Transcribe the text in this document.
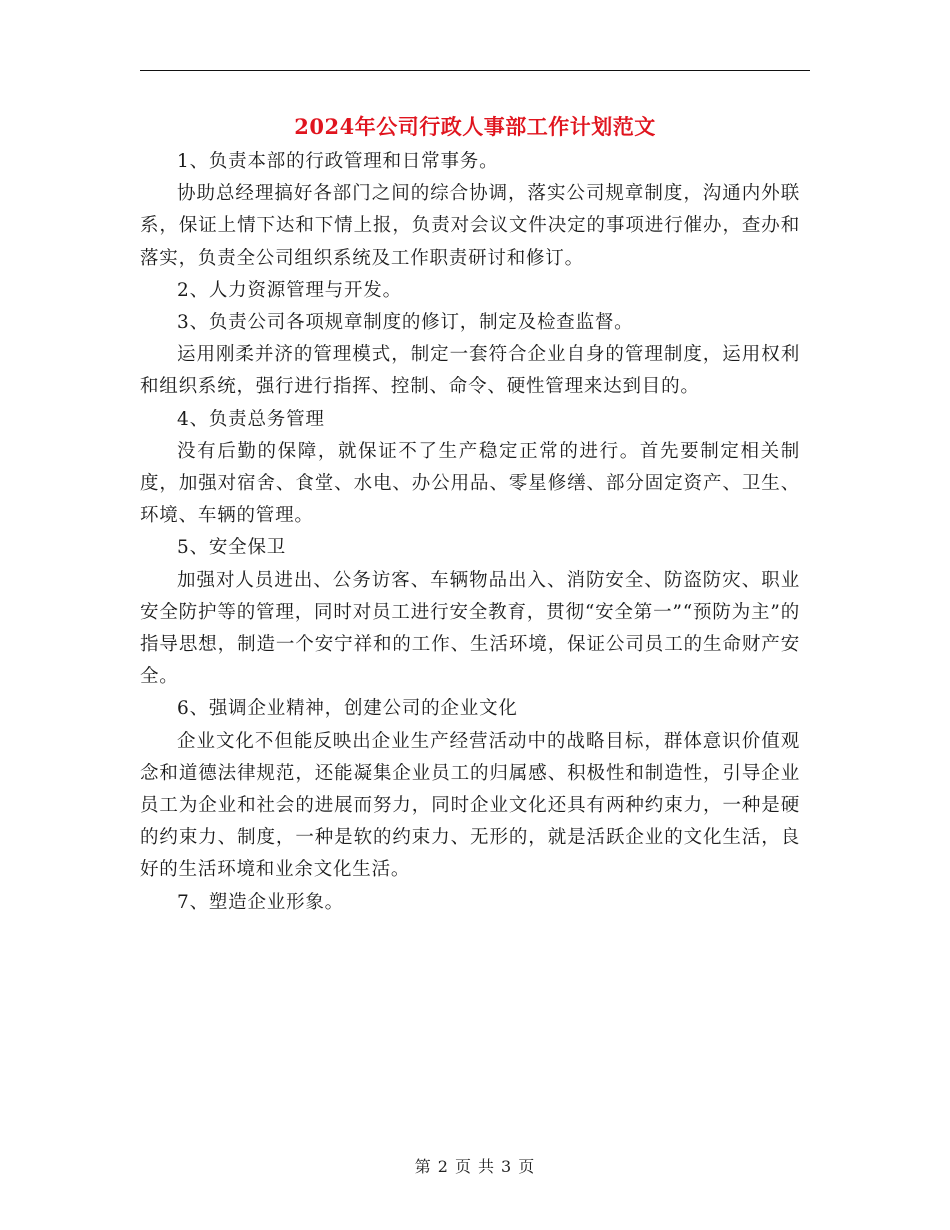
2024年公司行政人事部工作计划范文

1、负责本部的行政管理和日常事务。

协助总经理搞好各部门之间的综合协调，落实公司规章制度，沟通内外联系，保证上情下达和下情上报，负责对会议文件决定的事项进行催办，查办和落实，负责全公司组织系统及工作职责研讨和修订。

2、人力资源管理与开发。

3、负责公司各项规章制度的修订，制定及检查监督。

运用刚柔并济的管理模式，制定一套符合企业自身的管理制度，运用权利和组织系统，强行进行指挥、控制、命令、硬性管理来达到目的。

4、负责总务管理

没有后勤的保障，就保证不了生产稳定正常的进行。首先要制定相关制度，加强对宿舍、食堂、水电、办公用品、零星修缮、部分固定资产、卫生、环境、车辆的管理。

5、安全保卫

加强对人员进出、公务访客、车辆物品出入、消防安全、防盗防灾、职业安全防护等的管理，同时对员工进行安全教育，贯彻“安全第一”“预防为主”的指导思想，制造一个安宁祥和的工作、生活环境，保证公司员工的生命财产安全。

6、强调企业精神，创建公司的企业文化

企业文化不但能反映出企业生产经营活动中的战略目标，群体意识价值观念和道德法律规范，还能凝集企业员工的归属感、积极性和制造性，引导企业员工为企业和社会的进展而努力，同时企业文化还具有两种约束力，一种是硬的约束力、制度，一种是软的约束力、无形的，就是活跃企业的文化生活，良好的生活环境和业余文化生活。

7、塑造企业形象。

第 2 页 共 3 页
